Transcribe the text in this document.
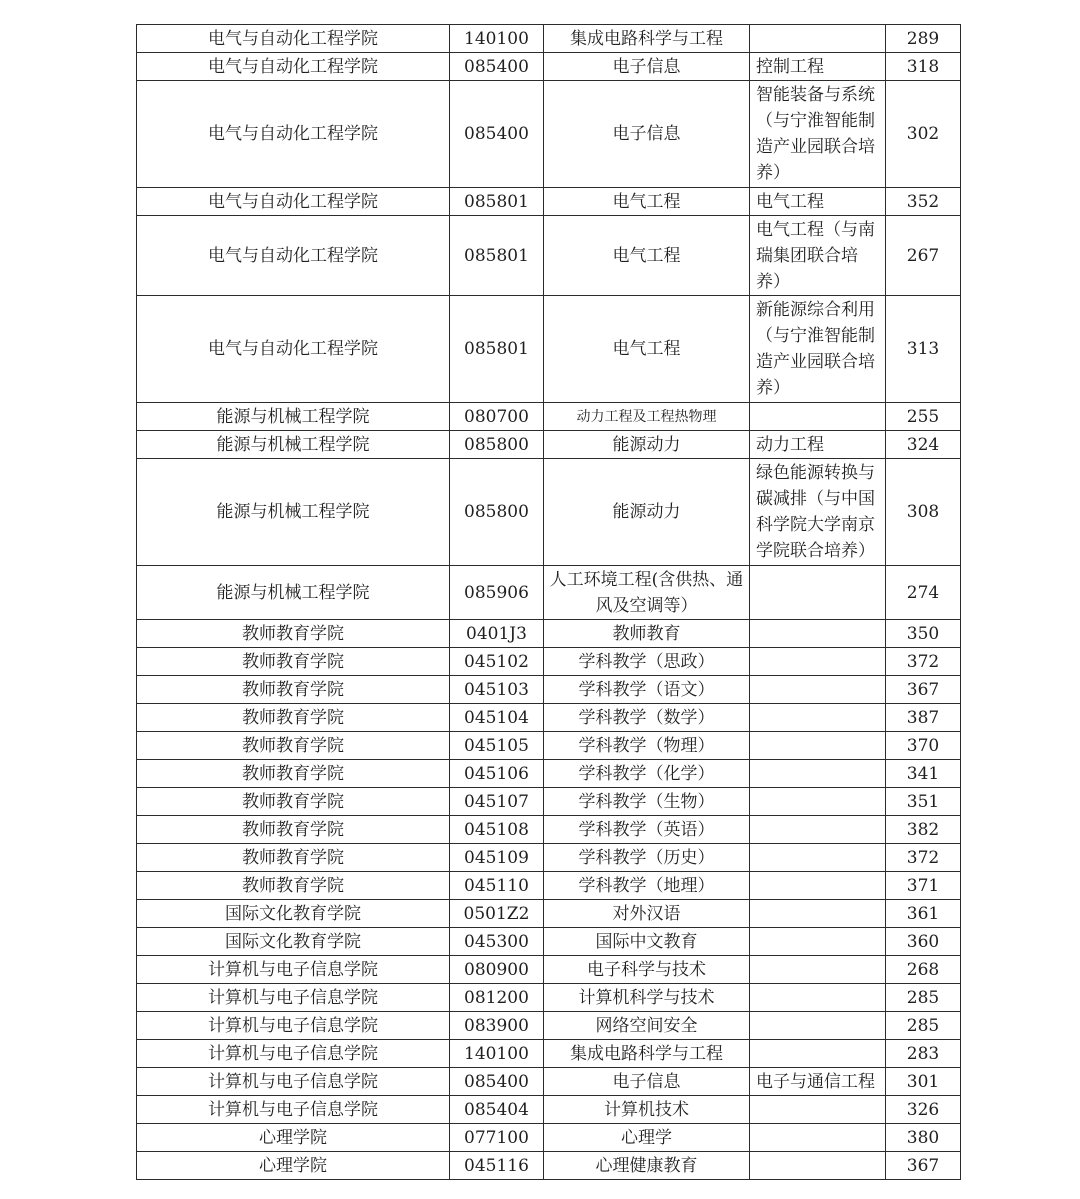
电气与自动化工程学院	140100	集成电路科学与工程		289
电气与自动化工程学院	085400	电子信息	控制工程	318
电气与自动化工程学院	085400	电子信息	智能装备与系统（与宁淮智能制造产业园联合培养）	302
电气与自动化工程学院	085801	电气工程	电气工程	352
电气与自动化工程学院	085801	电气工程	电气工程（与南瑞集团联合培养）	267
电气与自动化工程学院	085801	电气工程	新能源综合利用（与宁淮智能制造产业园联合培养）	313
能源与机械工程学院	080700	动力工程及工程热物理		255
能源与机械工程学院	085800	能源动力	动力工程	324
能源与机械工程学院	085800	能源动力	绿色能源转换与碳减排（与中国科学院大学南京学院联合培养）	308
能源与机械工程学院	085906	人工环境工程(含供热、通风及空调等）		274
教师教育学院	0401J3	教师教育		350
教师教育学院	045102	学科教学（思政）		372
教师教育学院	045103	学科教学（语文）		367
教师教育学院	045104	学科教学（数学）		387
教师教育学院	045105	学科教学（物理）		370
教师教育学院	045106	学科教学（化学）		341
教师教育学院	045107	学科教学（生物）		351
教师教育学院	045108	学科教学（英语）		382
教师教育学院	045109	学科教学（历史）		372
教师教育学院	045110	学科教学（地理）		371
国际文化教育学院	0501Z2	对外汉语		361
国际文化教育学院	045300	国际中文教育		360
计算机与电子信息学院	080900	电子科学与技术		268
计算机与电子信息学院	081200	计算机科学与技术		285
计算机与电子信息学院	083900	网络空间安全		285
计算机与电子信息学院	140100	集成电路科学与工程		283
计算机与电子信息学院	085400	电子信息	电子与通信工程	301
计算机与电子信息学院	085404	计算机技术		326
心理学院	077100	心理学		380
心理学院	045116	心理健康教育		367
